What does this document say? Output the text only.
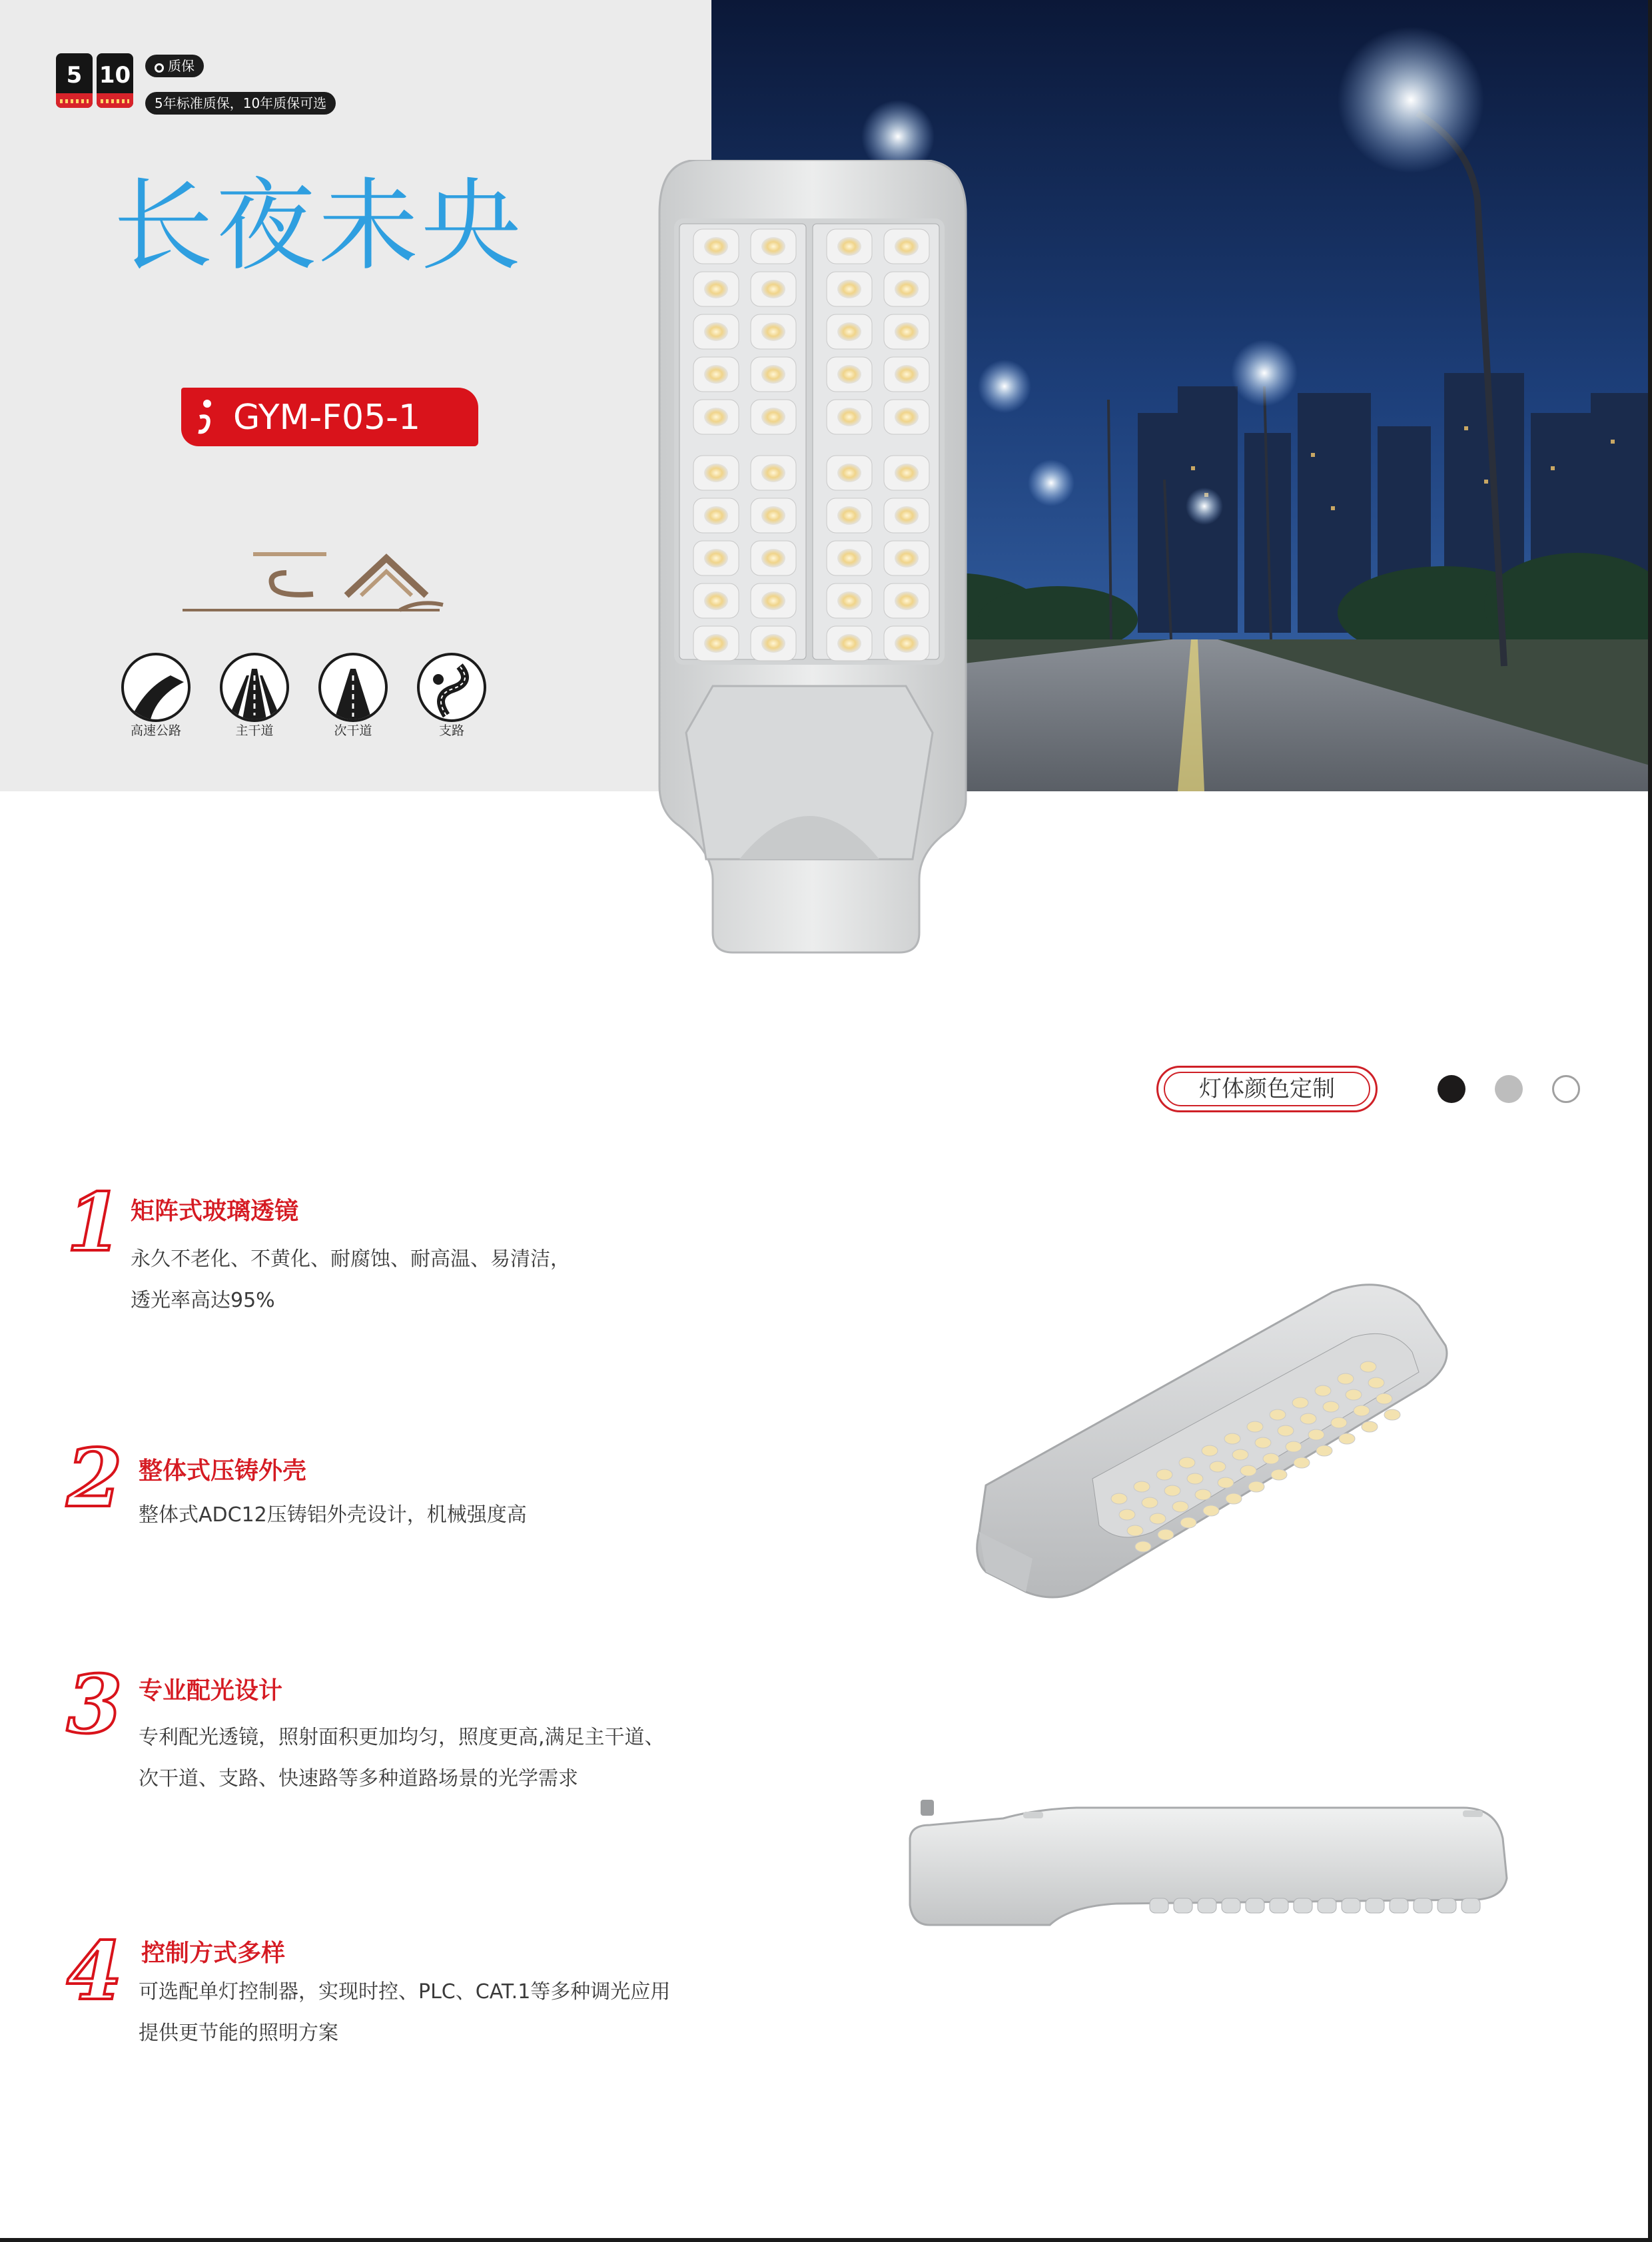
5 10	质保
5年标准质保，10年质保可选
长夜未央
GYM-F05-1
高速公路	主干道	次干道	支路
灯体颜色定制
1 矩阵式玻璃透镜
永久不老化、不黄化、耐腐蚀、耐高温、易清洁，
透光率高达95%
2 整体式压铸外壳
整体式ADC12压铸铝外壳设计，机械强度高
3 专业配光设计
专利配光透镜，照射面积更加均匀，照度更高,满足主干道、
次干道、支路、快速路等多种道路场景的光学需求
4 控制方式多样
可选配单灯控制器，实现时控、PLC、CAT.1等多种调光应用
提供更节能的照明方案
